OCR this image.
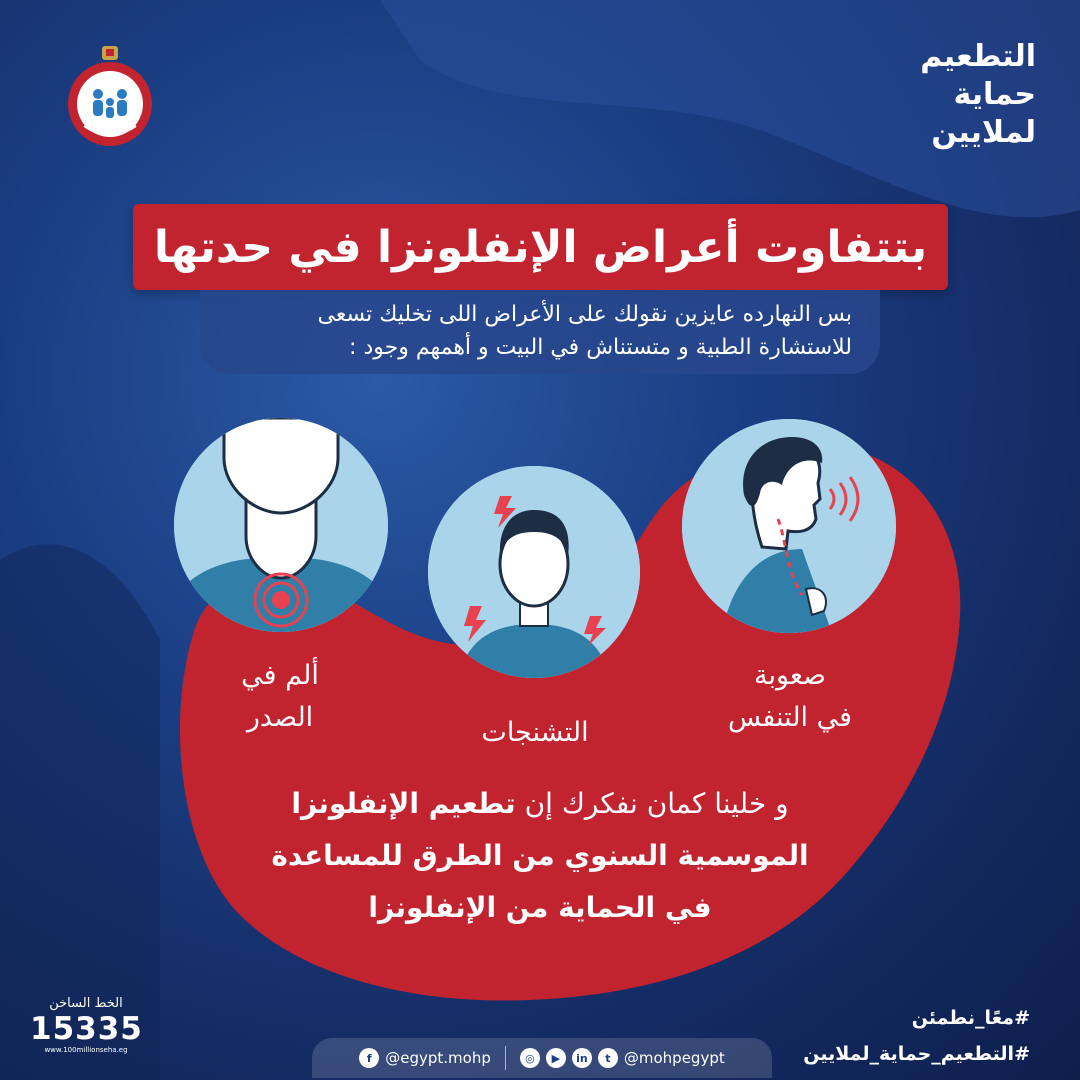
التطعيم
حماية
لملايين
بتتفاوت أعراض الإنفلونزا في حدتها
بس النهارده عايزين نقولك على الأعراض اللى تخليك تسعى
للاستشارة الطبية و متستناش في البيت و أهمهم وجود :
ألم في
الصدر	التشنجات
صعوبة
في التنفس
و خلينا كمان نفكرك إن تطعيم الإنفلونزا
الموسمية السنوي من الطرق للمساعدة
في الحماية من الإنفلونزا
الخط الساخن
15335
www.100millionseha.eg
f @egypt.mohp	◎	▶	in	t @mohpegypt
#معًا_نطمئن
#التطعيم_حماية_لملايين
